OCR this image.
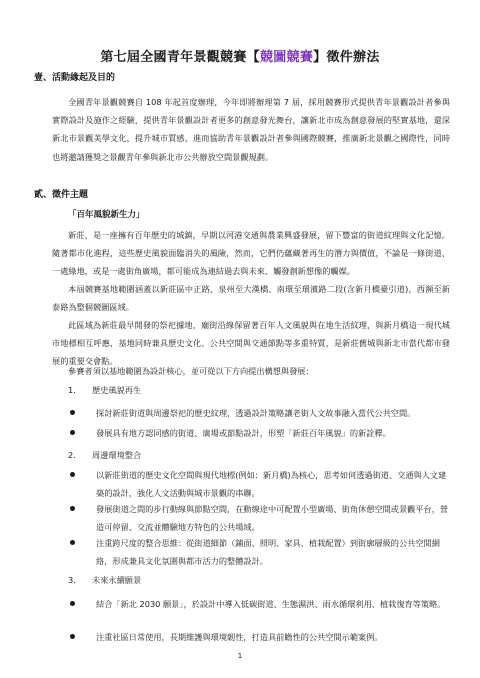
第七屆全國青年景觀競賽【競圖競賽】徵件辦法
壹、活動緣起及目的
全國青年景觀競賽自 108 年起首度辦理，今年即將辦理第 7 屆，採用競賽形式提供青年景觀設計者參與實際設計及施作之經驗，提供青年景觀設計者更多的創意發光舞台，讓新北市成為創意發展的堅實基地，還深新北市景觀美學文化，提升城市質感，進而協助青年景觀設計者參與國際競賽，推廣新北景觀之國際性，同時也將邀請獲獎之景觀青年參與新北市公共辦放空間景觀規劃。
貳、徵件主題
「百年風貌新生力」
新莊，是一座擁有百年歷史的城鎮，早期以河港交通與農業興盛發展，留下豐富的街道紋理與文化記憶。隨著都市化進程，這些歷史風貌面臨消失的風險，然而，它們仍蘊藏著再生的潛力與價值，不論是一條街道、一處綠地，或是一處街角廣場，都可能成為連結過去與未來、觸發創新想像的觸媒。
本屆競賽基地範圍涵蓋以新莊區中正路、泉州至大漢橋、南環至環濱路二段(含新月橋臺引道)，西瀕至新泰路為整個競圖區域。
此區域為新莊最早開發的祭祀據地，廟街沿線保留著百年人文風貌與在地生活紋理，與新月橋這一現代城市地標相互呼應，基地同時兼具歷史文化、公共空間與交通節點等多重特質，是新莊舊城與新北市當代都市發展的重要交會點。
參賽者須以基地範圍為設計核心，並可從以下方向提出構想與發展：
1. 歷史風貌再生
探討新莊街道與周邊祭祀的歷史紋理，透過設計策略讓老街人文故事融入當代公共空間。
發展具有地方認同感的街道、廣場或節點設計，形塑「新莊百年風貌」的新詮釋。
2. 周邊環境整合
以新莊街道的歷史文化空間與現代地標(例如：新月橋)為核心，思考如何透過街道、交通與人文建築的設計，強化人文活動與城市景觀的串聯。
發展街道之間的步行動線與節點空間，在動線途中可配置小型廣場、街角休憩空間或景觀平台，營造可停留、交流並體驗地方特色的公共場域。
注重跨尺度的整合思維：從街道細節（鋪面、照明、家具、植栽配置）到街廓層級的公共空間網絡，形成兼具文化氛圍與都市活力的整體設計。
3. 未來永續願景
結合「新北 2030 願景」，於設計中導入低碳街道、生態濕洪、雨水循環利用、植栽復育等策略。
注重社區日常使用，長期維護與環境韌性，打造具前瞻性的公共空間示範案例。
1
